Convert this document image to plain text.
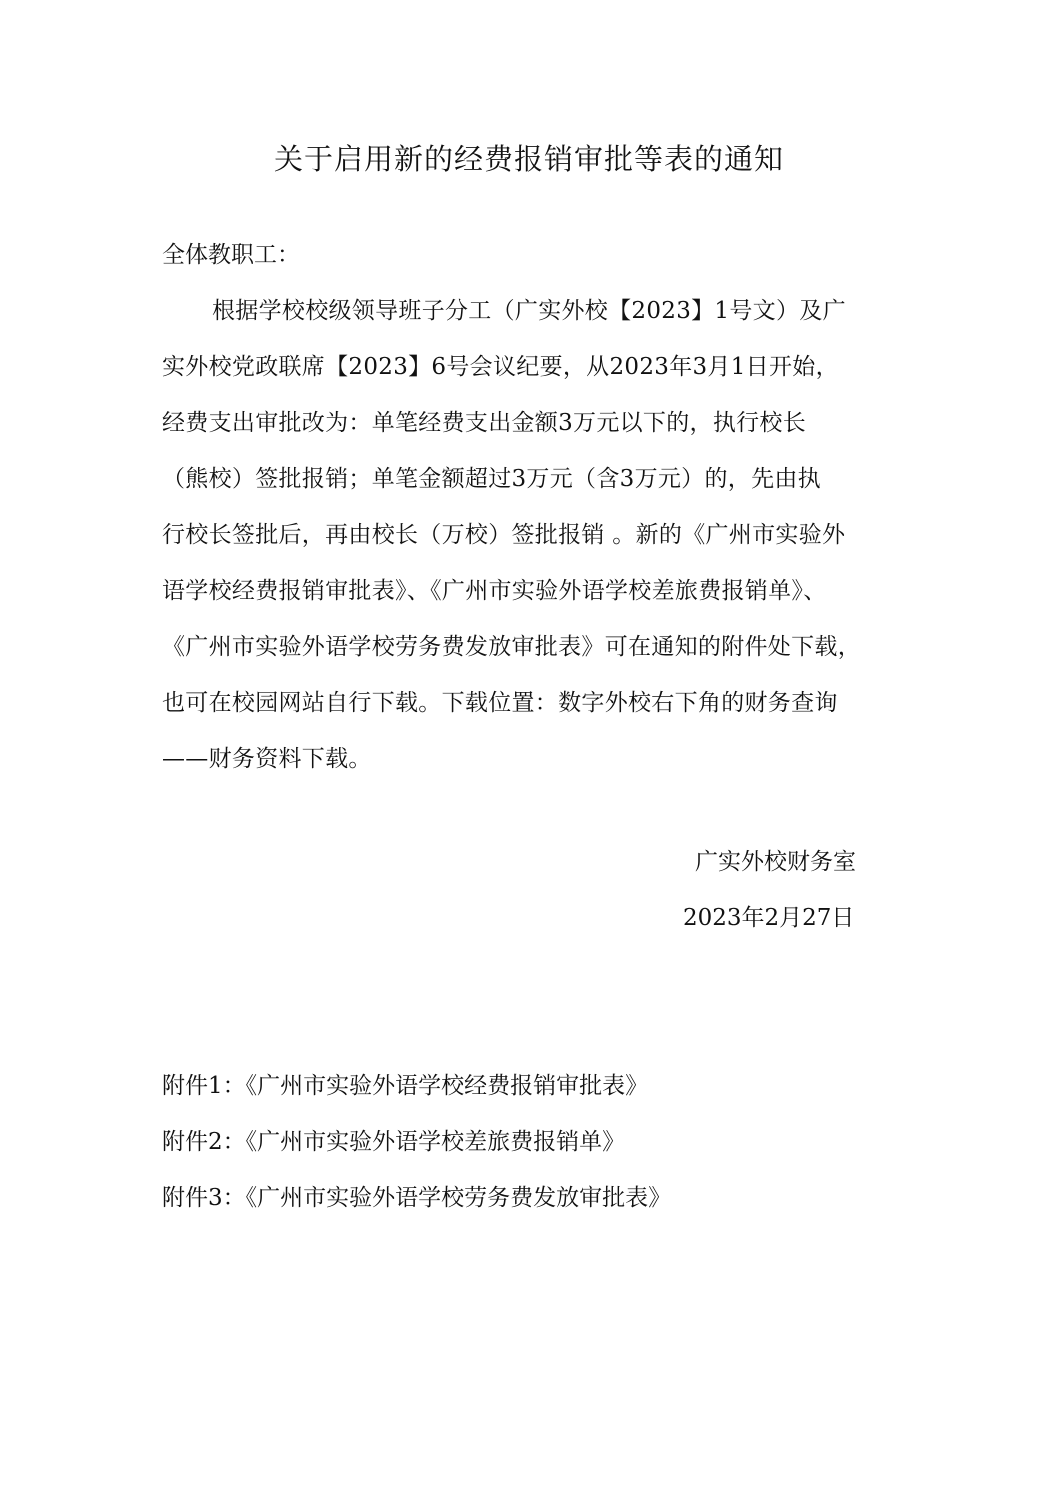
关于启用新的经费报销审批等表的通知
全体教职工：
根据学校校级领导班子分工（广实外校【2023】1号文）及广
实外校党政联席【2023】6号会议纪要，从2023年3月1日开始，
经费支出审批改为：单笔经费支出金额3万元以下的，执行校长
（熊校）签批报销；单笔金额超过3万元（含3万元）的，先由执
行校长签批后，再由校长（万校）签批报销 。新的《广州市实验外
语学校经费报销审批表》、《广州市实验外语学校差旅费报销单》、
《广州市实验外语学校劳务费发放审批表》可在通知的附件处下载，
也可在校园网站自行下载。下载位置：数字外校右下角的财务查询
——财务资料下载。
广实外校财务室
2023年2月27日
附件1：《广州市实验外语学校经费报销审批表》
附件2：《广州市实验外语学校差旅费报销单》
附件3：《广州市实验外语学校劳务费发放审批表》
